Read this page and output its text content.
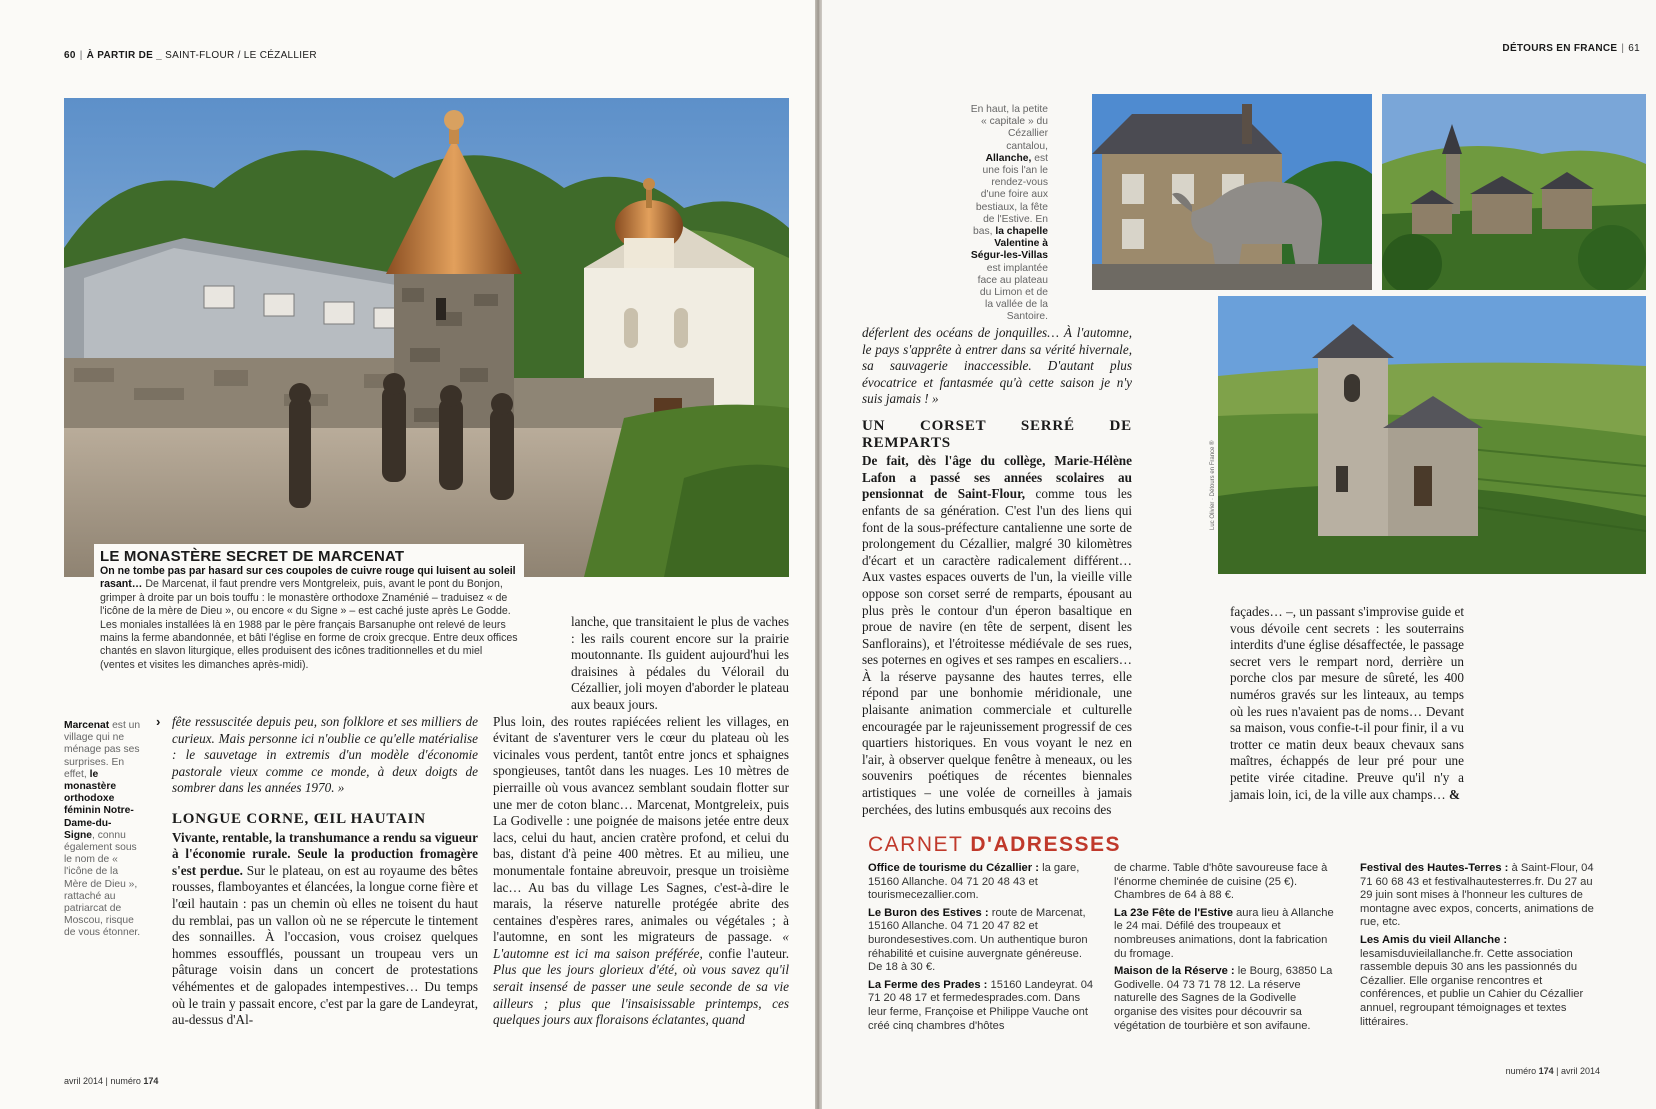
60 | À PARTIR DE _ SAINT-FLOUR / LE CÉZALLIER
LE MONASTÈRE SECRET DE MARCENAT
On ne tombe pas par hasard sur ces coupoles de cuivre rouge qui luisent au soleil rasant… De Marcenat, il faut prendre vers Montgreleix, puis, avant le pont du Bonjon, grimper à droite par un bois touffu : le monastère orthodoxe Znaménié – traduisez « de l'icône de la mère de Dieu », ou encore « du Signe » – est caché juste après Le Godde. Les moniales installées là en 1988 par le père français Barsanuphe ont relevé de leurs mains la ferme abandonnée, et bâti l'église en forme de croix grecque. Entre deux offices chantés en slavon liturgique, elles produisent des icônes traditionnelles et du miel (ventes et visites les dimanches après-midi).
Marcenat est un village qui ne ménage pas ses surprises. En effet, le monastère orthodoxe féminin Notre-Dame-du-Signe, connu également sous le nom de « l'icône de la Mère de Dieu », rattaché au patriarcat de Moscou, risque de vous étonner.

› fête ressuscitée depuis peu, son folklore et ses milliers de curieux. Mais personne ici n'oublie ce qu'elle matérialise : le sauvetage in extremis d'un modèle d'économie pastorale vieux comme ce monde, à deux doigts de sombrer dans les années 1970. »

LONGUE CORNE, ŒIL HAUTAIN

Vivante, rentable, la transhumance a rendu sa vigueur à l'économie rurale. Seule la production fromagère s'est perdue. Sur le plateau, on est au royaume des bêtes rousses, flamboyantes et élancées, la longue corne fière et l'œil hautain : pas un chemin où elles ne toisent du haut du remblai, pas un vallon où ne se répercute le tintement des sonnailles. À l'occasion, vous croisez quelques hommes essoufflés, poussant un troupeau vers un pâturage voisin dans un concert de protestations véhémentes et de galopades intempestives… Du temps où le train y passait encore, c'est par la gare de Landeyrat, au-dessus d'Al-

lanche, que transitaient le plus de vaches : les rails courent encore sur la prairie moutonnante. Ils guident aujourd'hui les draisines à pédales du Vélorail du Cézallier, joli moyen d'aborder le plateau aux beaux jours.

Plus loin, des routes rapiécées relient les villages, en évitant de s'aventurer vers le cœur du plateau où les vicinales vous perdent, tantôt entre joncs et sphaignes spongieuses, tantôt dans les nuages. Les 10 mètres de pierraille où vous avancez semblant soudain flotter sur une mer de coton blanc… Marcenat, Montgreleix, puis La Godivelle : une poignée de maisons jetée entre deux lacs, celui du haut, ancien cratère profond, et celui du bas, distant d'à peine 400 mètres. Et au milieu, une monumentale fontaine abreuvoir, presque un troisième lac… Au bas du village Les Sagnes, c'est-à-dire le marais, la réserve naturelle protégée abrite des centaines d'espères rares, animales ou végétales ; à l'automne, en sont les migrateurs de passage. « L'automne est ici ma saison préférée, confie l'auteur. Plus que les jours glorieux d'été, où vous savez qu'il serait insensé de passer une seule seconde de sa vie ailleurs ; plus que l'insaisissable printemps, ces quelques jours aux floraisons éclatantes, quand

avril 2014 | numéro 174
DÉTOURS EN FRANCE | 61
En haut, la petite « capitale » du Cézallier cantalou, Allanche, est une fois l'an le rendez-vous d'une foire aux bestiaux, la fête de l'Estive. En bas, la chapelle Valentine à Ségur-les-Villas est implantée face au plateau du Limon et de la vallée de la Santoire.
Luc Olivier · Détours en France ®

déferlent des océans de jonquilles… À l'automne, le pays s'apprête à entrer dans sa vérité hivernale, sa sauvagerie inaccessible. D'autant plus évocatrice et fantasmée qu'à cette saison je n'y suis jamais ! »

UN CORSET SERRÉ DE REMPARTS

De fait, dès l'âge du collège, Marie-Hélène Lafon a passé ses années scolaires au pensionnat de Saint-Flour, comme tous les enfants de sa génération. C'est l'un des liens qui font de la sous-préfecture cantalienne une sorte de prolongement du Cézallier, malgré 30 kilomètres d'écart et un caractère radicalement différent… Aux vastes espaces ouverts de l'un, la vieille ville oppose son corset serré de remparts, épousant au plus près le contour d'un éperon basaltique en proue de navire (en tête de serpent, disent les Sanflorains), et l'étroitesse médiévale de ses rues, ses poternes en ogives et ses rampes en escaliers… À la réserve paysanne des hautes terres, elle répond par une bonhomie méridionale, une plaisante animation commerciale et culturelle encouragée par le rajeunissement progressif de ces quartiers historiques. En vous voyant le nez en l'air, à observer quelque fenêtre à meneaux, ou les souvenirs poétiques de récentes biennales artistiques – une volée de corneilles à jamais perchées, des lutins embusqués aux recoins des

façades… –, un passant s'improvise guide et vous dévoile cent secrets : les souterrains interdits d'une église désaffectée, le passage secret vers le rempart nord, derrière un porche clos par mesure de sûreté, les 400 numéros gravés sur les linteaux, au temps où les rues n'avaient pas de noms… Devant sa maison, vous confie-t-il pour finir, il a vu trotter ce matin deux beaux chevaux sans maîtres, échappés de leur pré pour une petite virée citadine. Preuve qu'il n'y a jamais loin, ici, de la ville aux champs… &

CARNET D'ADRESSES

Office de tourisme du Cézallier : la gare, 15160 Allanche. 04 71 20 48 43 et tourismecezallier.com.

Le Buron des Estives : route de Marcenat, 15160 Allanche. 04 71 20 47 82 et burondesestives.com. Un authentique buron réhabilité et cuisine auvergnate généreuse. De 18 à 30 €.

La Ferme des Prades : 15160 Landeyrat. 04 71 20 48 17 et fermedesprades.com. Dans leur ferme, Françoise et Philippe Vauche ont créé cinq chambres d'hôtes

de charme. Table d'hôte savoureuse face à l'énorme cheminée de cuisine (25 €). Chambres de 64 à 88 €.

La 23e Fête de l'Estive aura lieu à Allanche le 24 mai. Défilé des troupeaux et nombreuses animations, dont la fabrication du fromage.

Maison de la Réserve : le Bourg, 63850 La Godivelle. 04 73 71 78 12. La réserve naturelle des Sagnes de la Godivelle organise des visites pour découvrir sa végétation de tourbière et son avifaune.

Festival des Hautes-Terres : à Saint-Flour, 04 71 60 68 43 et festivalhautesterres.fr. Du 27 au 29 juin sont mises à l'honneur les cultures de montagne avec expos, concerts, animations de rue, etc.

Les Amis du vieil Allanche : lesamisduvieilallanche.fr. Cette association rassemble depuis 30 ans les passionnés du Cézallier. Elle organise rencontres et conférences, et publie un Cahier du Cézallier annuel, regroupant témoignages et textes littéraires.

numéro 174 | avril 2014
